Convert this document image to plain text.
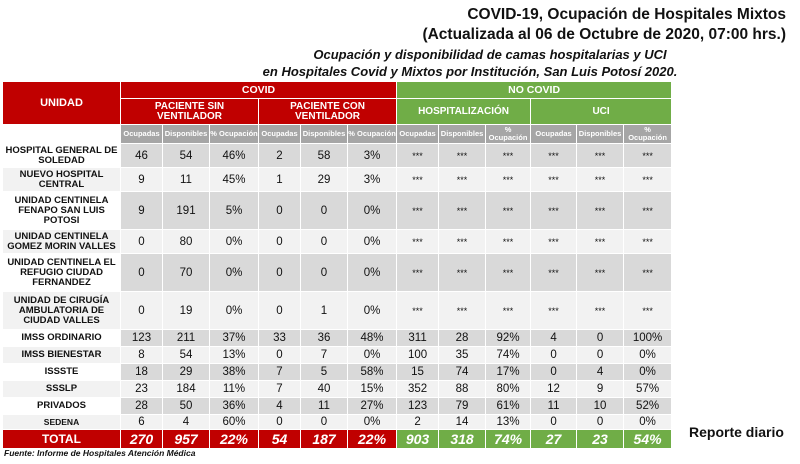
COVID-19, Ocupación de Hospitales Mixtos
(Actualizada al 06 de Octubre de 2020, 07:00 hrs.)
Ocupación y disponibilidad de camas hospitalarias y UCI
en Hospitales Covid y Mixtos por Institución, San Luis Potosí 2020.
UNIDAD	COVID						NO COVID					
	PACIENTE SIN VENTILADOR			PACIENTE CON VENTILADOR			HOSPITALIZACIÓN			UCI		
	Ocupadas	Disponibles	% Ocupación	Ocupadas	Disponibles	% Ocupación	Ocupadas	Disponibles	% Ocupación	Ocupadas	Disponibles	% Ocupación
HOSPITAL GENERAL DE SOLEDAD	46	54	46%	2	58	3%	***	***	***	***	***	***
NUEVO HOSPITAL CENTRAL	9	11	45%	1	29	3%	***	***	***	***	***	***
UNIDAD CENTINELA FENAPO SAN LUIS POTOSI	9	191	5%	0	0	0%	***	***	***	***	***	***
UNIDAD CENTINELA GOMEZ MORIN VALLES	0	80	0%	0	0	0%	***	***	***	***	***	***
UNIDAD CENTINELA EL REFUGIO CIUDAD FERNANDEZ	0	70	0%	0	0	0%	***	***	***	***	***	***
UNIDAD DE CIRUGÍA AMBULATORIA DE CIUDAD VALLES	0	19	0%	0	1	0%	***	***	***	***	***	***
IMSS ORDINARIO	123	211	37%	33	36	48%	311	28	92%	4	0	100%
IMSS BIENESTAR	8	54	13%	0	7	0%	100	35	74%	0	0	0%
ISSSTE	18	29	38%	7	5	58%	15	74	17%	0	4	0%
SSSLP	23	184	11%	7	40	15%	352	88	80%	12	9	57%
PRIVADOS	28	50	36%	4	11	27%	123	79	61%	11	10	52%
SEDENA	6	4	60%	0	0	0%	2	14	13%	0	0	0%
TOTAL	270	957	22%	54	187	22%	903	318	74%	27	23	54% Reporte diario
Fuente: Informe de Hospitales Atención Médica
